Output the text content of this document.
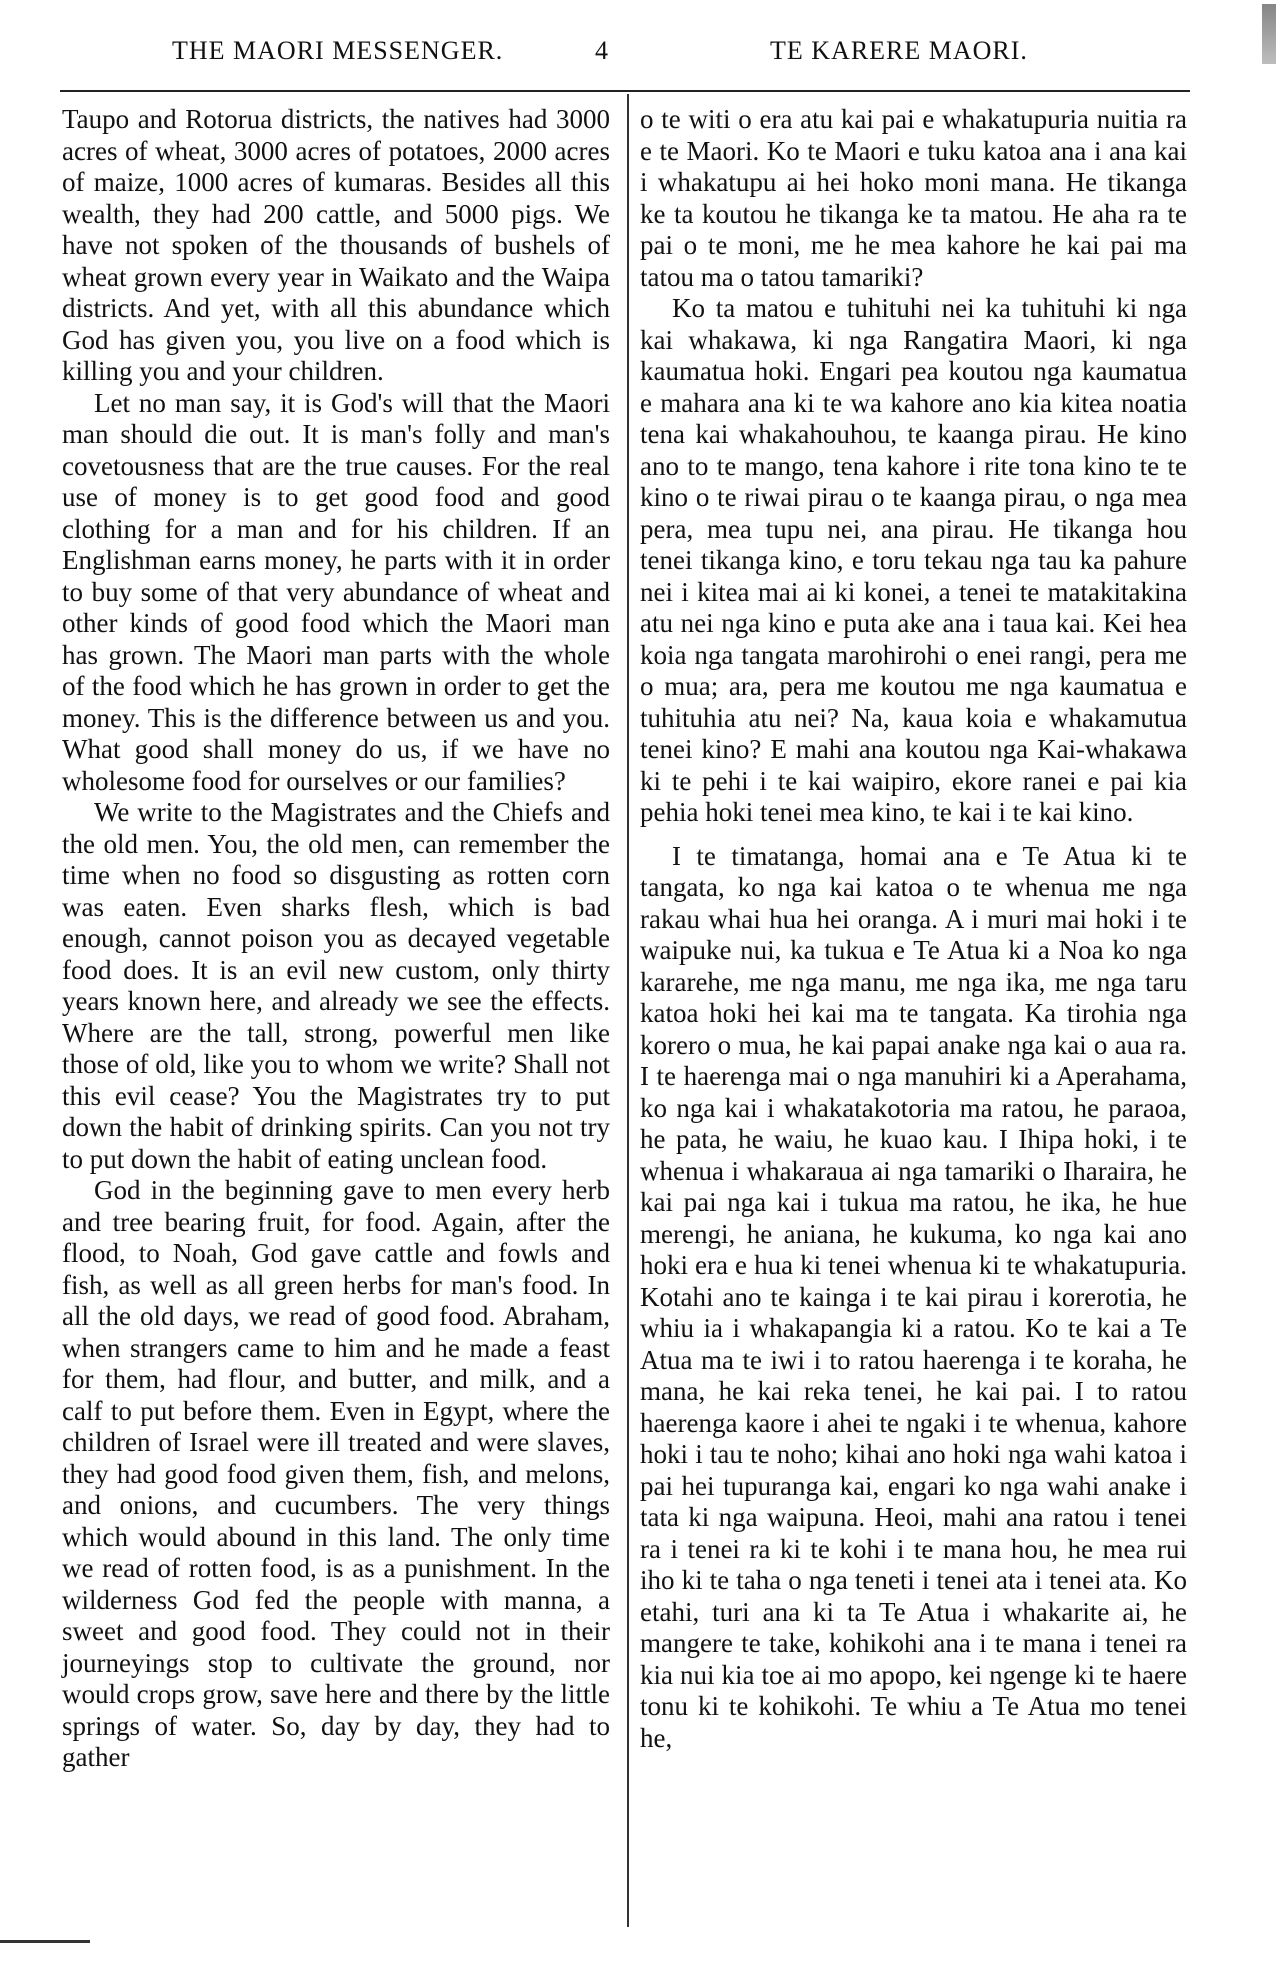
THE MAORI MESSENGER.	4	TE KARERE MAORI.

Taupo and Rotorua districts, the natives had 3000 acres of wheat, 3000 acres of potatoes, 2000 acres of maize, 1000 acres of kumaras. Besides all this wealth, they had 200 cattle, and 5000 pigs. We have not spoken of the thousands of bushels of wheat grown every year in Waikato and the Waipa districts. And yet, with all this abundance which God has given you, you live on a food which is killing you and your children.

Let no man say, it is God's will that the Maori man should die out. It is man's folly and man's covetousness that are the true causes. For the real use of money is to get good food and good clothing for a man and for his children. If an Englishman earns money, he parts with it in order to buy some of that very abundance of wheat and other kinds of good food which the Maori man has grown. The Maori man parts with the whole of the food which he has grown in order to get the money. This is the difference between us and you. What good shall money do us, if we have no wholesome food for ourselves or our families?

We write to the Magistrates and the Chiefs and the old men. You, the old men, can remember the time when no food so disgusting as rotten corn was eaten. Even sharks flesh, which is bad enough, cannot poison you as decayed vegetable food does. It is an evil new custom, only thirty years known here, and already we see the effects. Where are the tall, strong, powerful men like those of old, like you to whom we write? Shall not this evil cease? You the Magistrates try to put down the habit of drinking spirits. Can you not try to put down the habit of eating unclean food.

God in the beginning gave to men every herb and tree bearing fruit, for food. Again, after the flood, to Noah, God gave cattle and fowls and fish, as well as all green herbs for man's food. In all the old days, we read of good food. Abraham, when strangers came to him and he made a feast for them, had flour, and butter, and milk, and a calf to put before them. Even in Egypt, where the children of Israel were ill treated and were slaves, they had good food given them, fish, and melons, and onions, and cucumbers. The very things which would abound in this land. The only time we read of rotten food, is as a punishment. In the wilderness God fed the people with manna, a sweet and good food. They could not in their journeyings stop to cultivate the ground, nor would crops grow, save here and there by the little springs of water. So, day by day, they had to gather

o te witi o era atu kai pai e whakatupuria nuitia ra e te Maori. Ko te Maori e tuku katoa ana i ana kai i whakatupu ai hei hoko moni mana. He tikanga ke ta koutou he tikanga ke ta matou. He aha ra te pai o te moni, me he mea kahore he kai pai ma tatou ma o tatou tamariki?

Ko ta matou e tuhituhi nei ka tuhituhi ki nga kai whakawa, ki nga Rangatira Maori, ki nga kaumatua hoki. Engari pea koutou nga kaumatua e mahara ana ki te wa kahore ano kia kitea noatia tena kai whakahouhou, te kaanga pirau. He kino ano to te mango, tena kahore i rite tona kino te te kino o te riwai pirau o te kaanga pirau, o nga mea pera, mea tupu nei, ana pirau. He tikanga hou tenei tikanga kino, e toru tekau nga tau ka pahure nei i kitea mai ai ki konei, a tenei te matakitakina atu nei nga kino e puta ake ana i taua kai. Kei hea koia nga tangata marohirohi o enei rangi, pera me o mua; ara, pera me koutou me nga kaumatua e tuhituhia atu nei? Na, kaua koia e whakamutua tenei kino? E mahi ana koutou nga Kai-whakawa ki te pehi i te kai waipiro, ekore ranei e pai kia pehia hoki tenei mea kino, te kai i te kai kino.

I te timatanga, homai ana e Te Atua ki te tangata, ko nga kai katoa o te whenua me nga rakau whai hua hei oranga. A i muri mai hoki i te waipuke nui, ka tukua e Te Atua ki a Noa ko nga kararehe, me nga manu, me nga ika, me nga taru katoa hoki hei kai ma te tangata. Ka tirohia nga korero o mua, he kai papai anake nga kai o aua ra. I te haerenga mai o nga manuhiri ki a Aperahama, ko nga kai i whakatakotoria ma ratou, he paraoa, he pata, he waiu, he kuao kau. I Ihipa hoki, i te whenua i whakaraua ai nga tamariki o Iharaira, he kai pai nga kai i tukua ma ratou, he ika, he hue merengi, he aniana, he kukuma, ko nga kai ano hoki era e hua ki tenei whenua ki te whakatupuria. Kotahi ano te kainga i te kai pirau i korerotia, he whiu ia i whakapangia ki a ratou. Ko te kai a Te Atua ma te iwi i to ratou haerenga i te koraha, he mana, he kai reka tenei, he kai pai. I to ratou haerenga kaore i ahei te ngaki i te whenua, kahore hoki i tau te noho; kihai ano hoki nga wahi katoa i pai hei tupuranga kai, engari ko nga wahi anake i tata ki nga waipuna. Heoi, mahi ana ratou i tenei ra i tenei ra ki te kohi i te mana hou, he mea rui iho ki te taha o nga teneti i tenei ata i tenei ata. Ko etahi, turi ana ki ta Te Atua i whakarite ai, he mangere te take, kohikohi ana i te mana i tenei ra kia nui kia toe ai mo apopo, kei ngenge ki te haere tonu ki te kohikohi. Te whiu a Te Atua mo tenei he,
